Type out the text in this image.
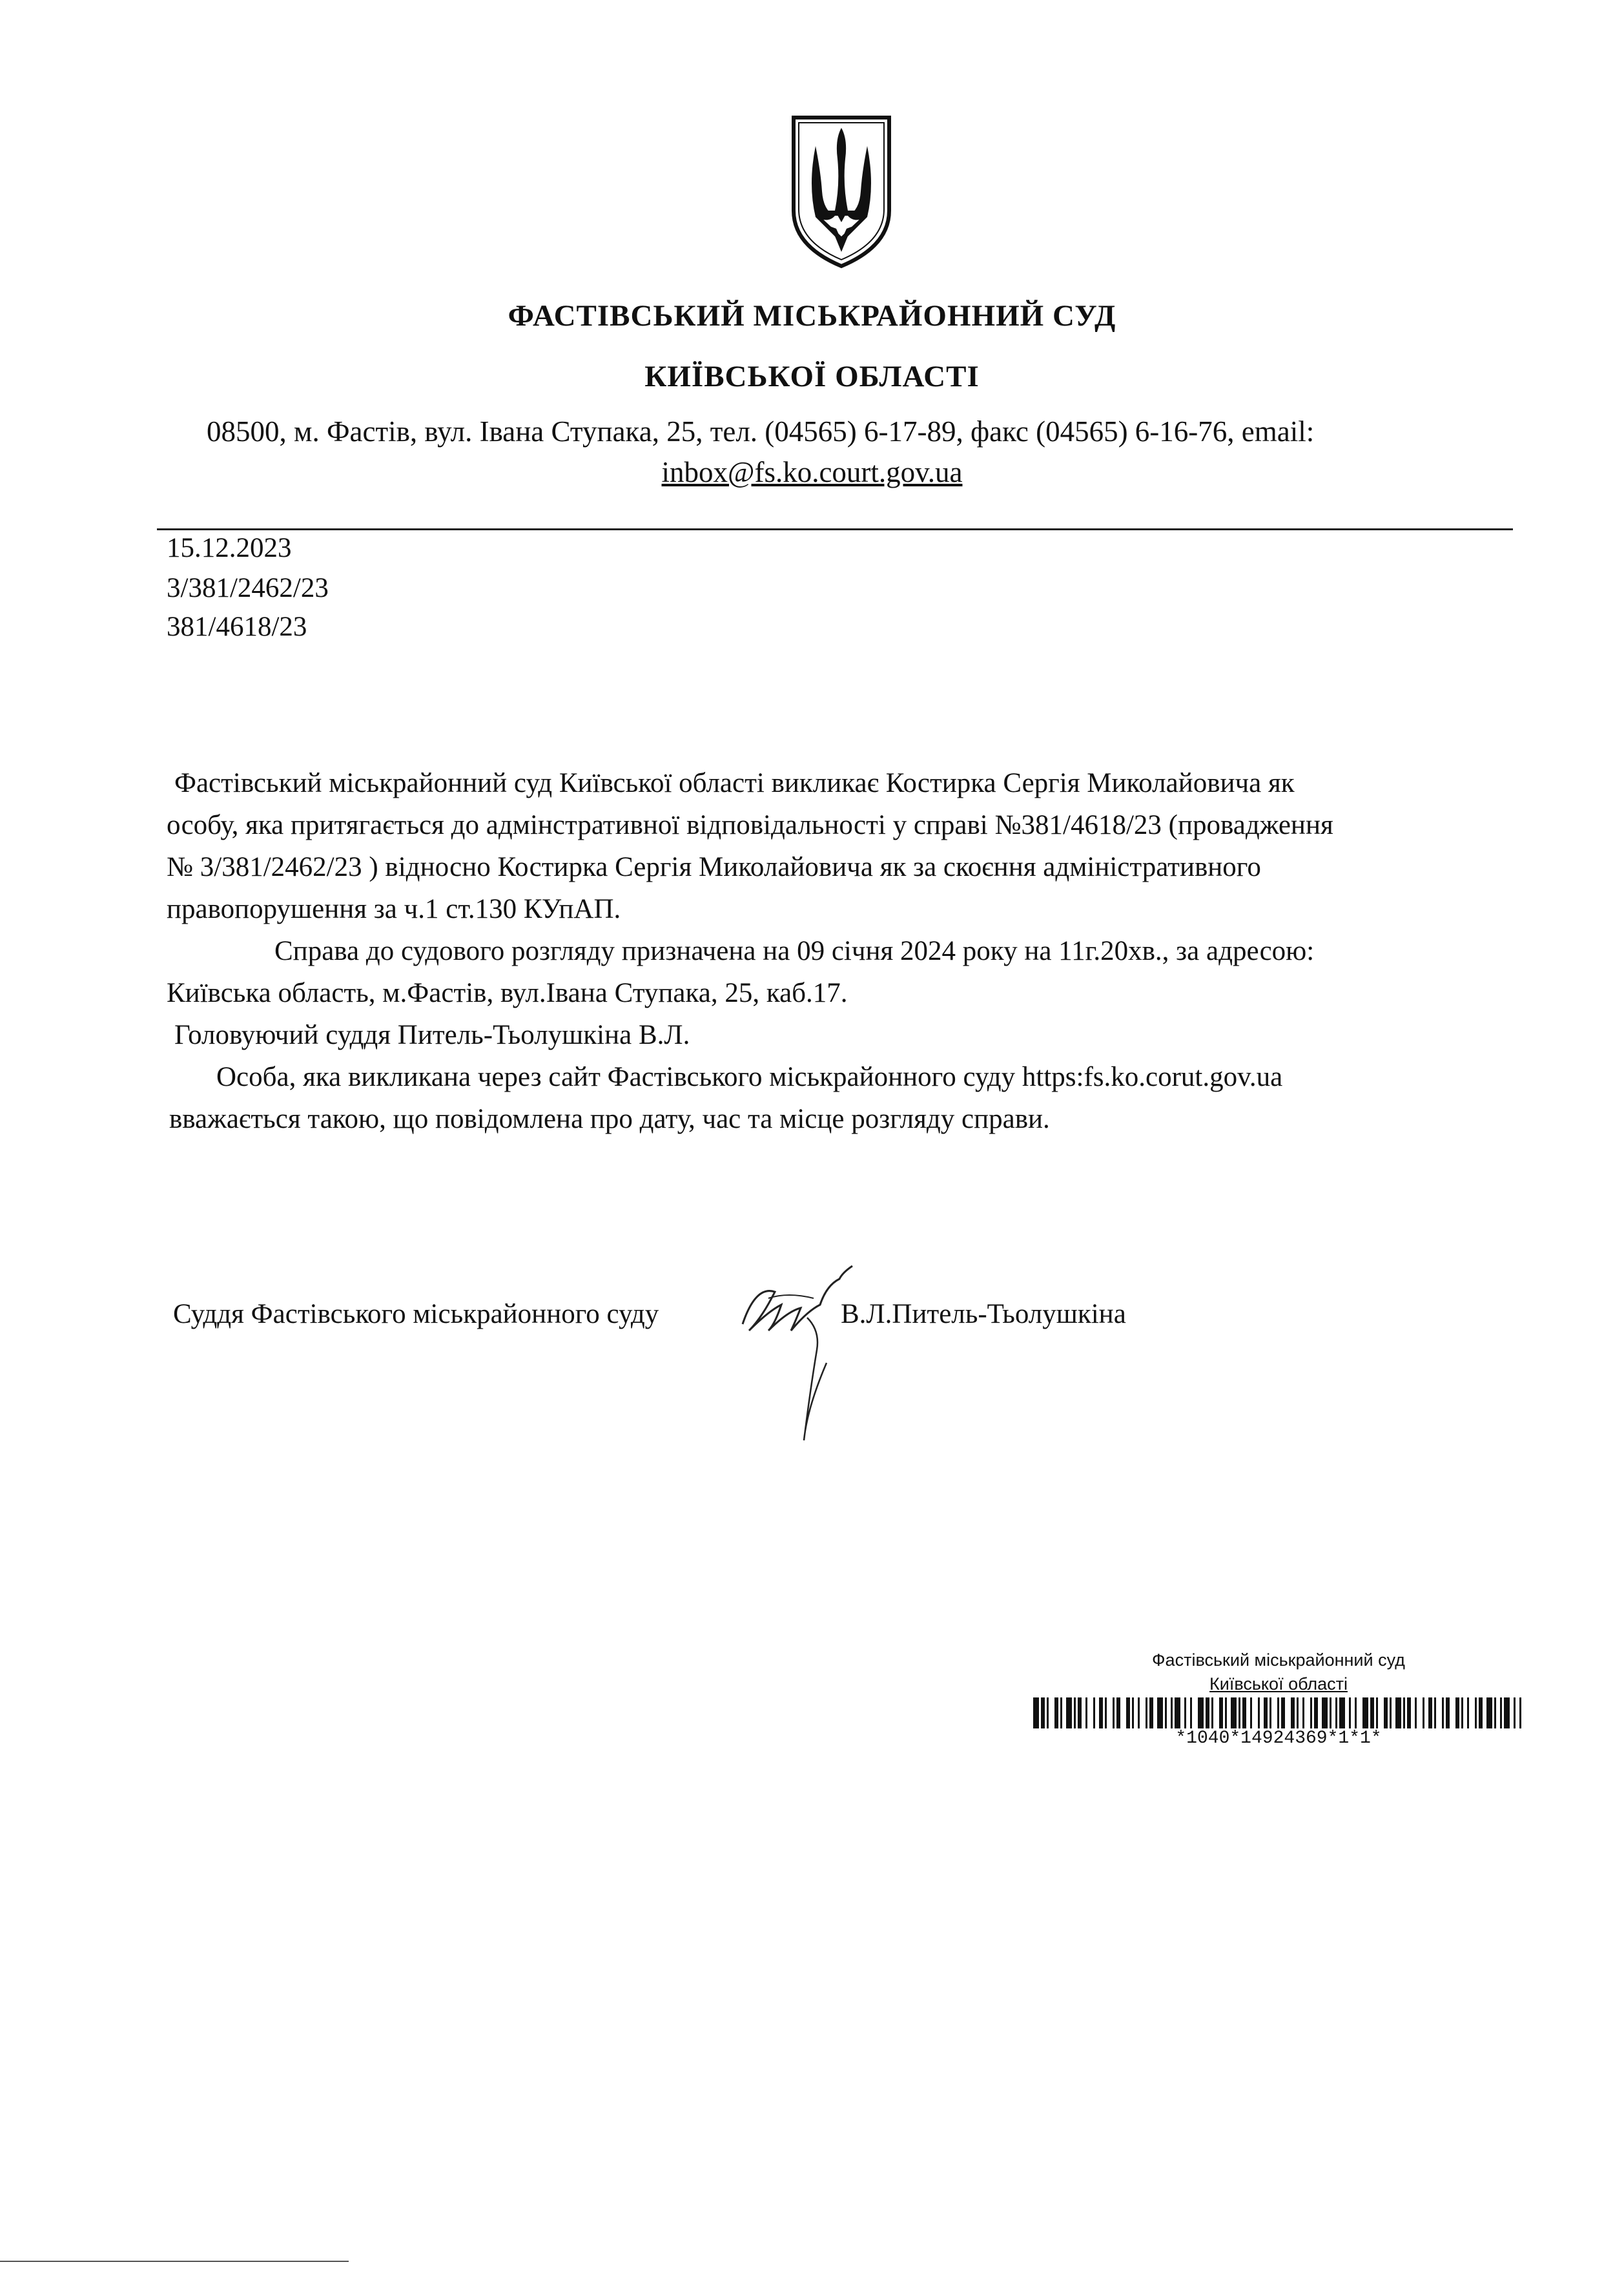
ФАСТІВСЬКИЙ МІСЬКРАЙОННИЙ СУД
КИЇВСЬКОЇ ОБЛАСТІ
08500, м. Фастів, вул. Івана Ступака, 25, тел. (04565) 6-17-89, факс (04565) 6-16-76, email:
inbox@fs.ko.court.gov.ua
15.12.2023
3/381/2462/23
381/4618/23
Фастівський міськрайонний суд Київської області викликає Костирка Сергія Миколайовича як
особу, яка притягається до адмінстративної відповідальності у справі №381/4618/23 (провадження
№ 3/381/2462/23 ) відносно Костирка Сергія Миколайовича як за скоєння адміністративного
правопорушення за ч.1 ст.130 КУпАП.
Справа до судового розгляду призначена на 09 січня 2024 року на 11г.20хв., за адресою:
Київська область, м.Фастів, вул.Івана Ступака, 25, каб.17.
Головуючий суддя Питель-Тьолушкіна В.Л.
Особа, яка викликана через сайт Фастівського міськрайонного суду https:fs.ko.corut.gov.ua
вважається такою, що повідомлена про дату, час та місце розгляду справи.
Суддя Фастівського міськрайонного суду	В.Л.Питель-Тьолушкіна
Фастівський міськрайонний суд
Київської області
*1040*14924369*1*1*
